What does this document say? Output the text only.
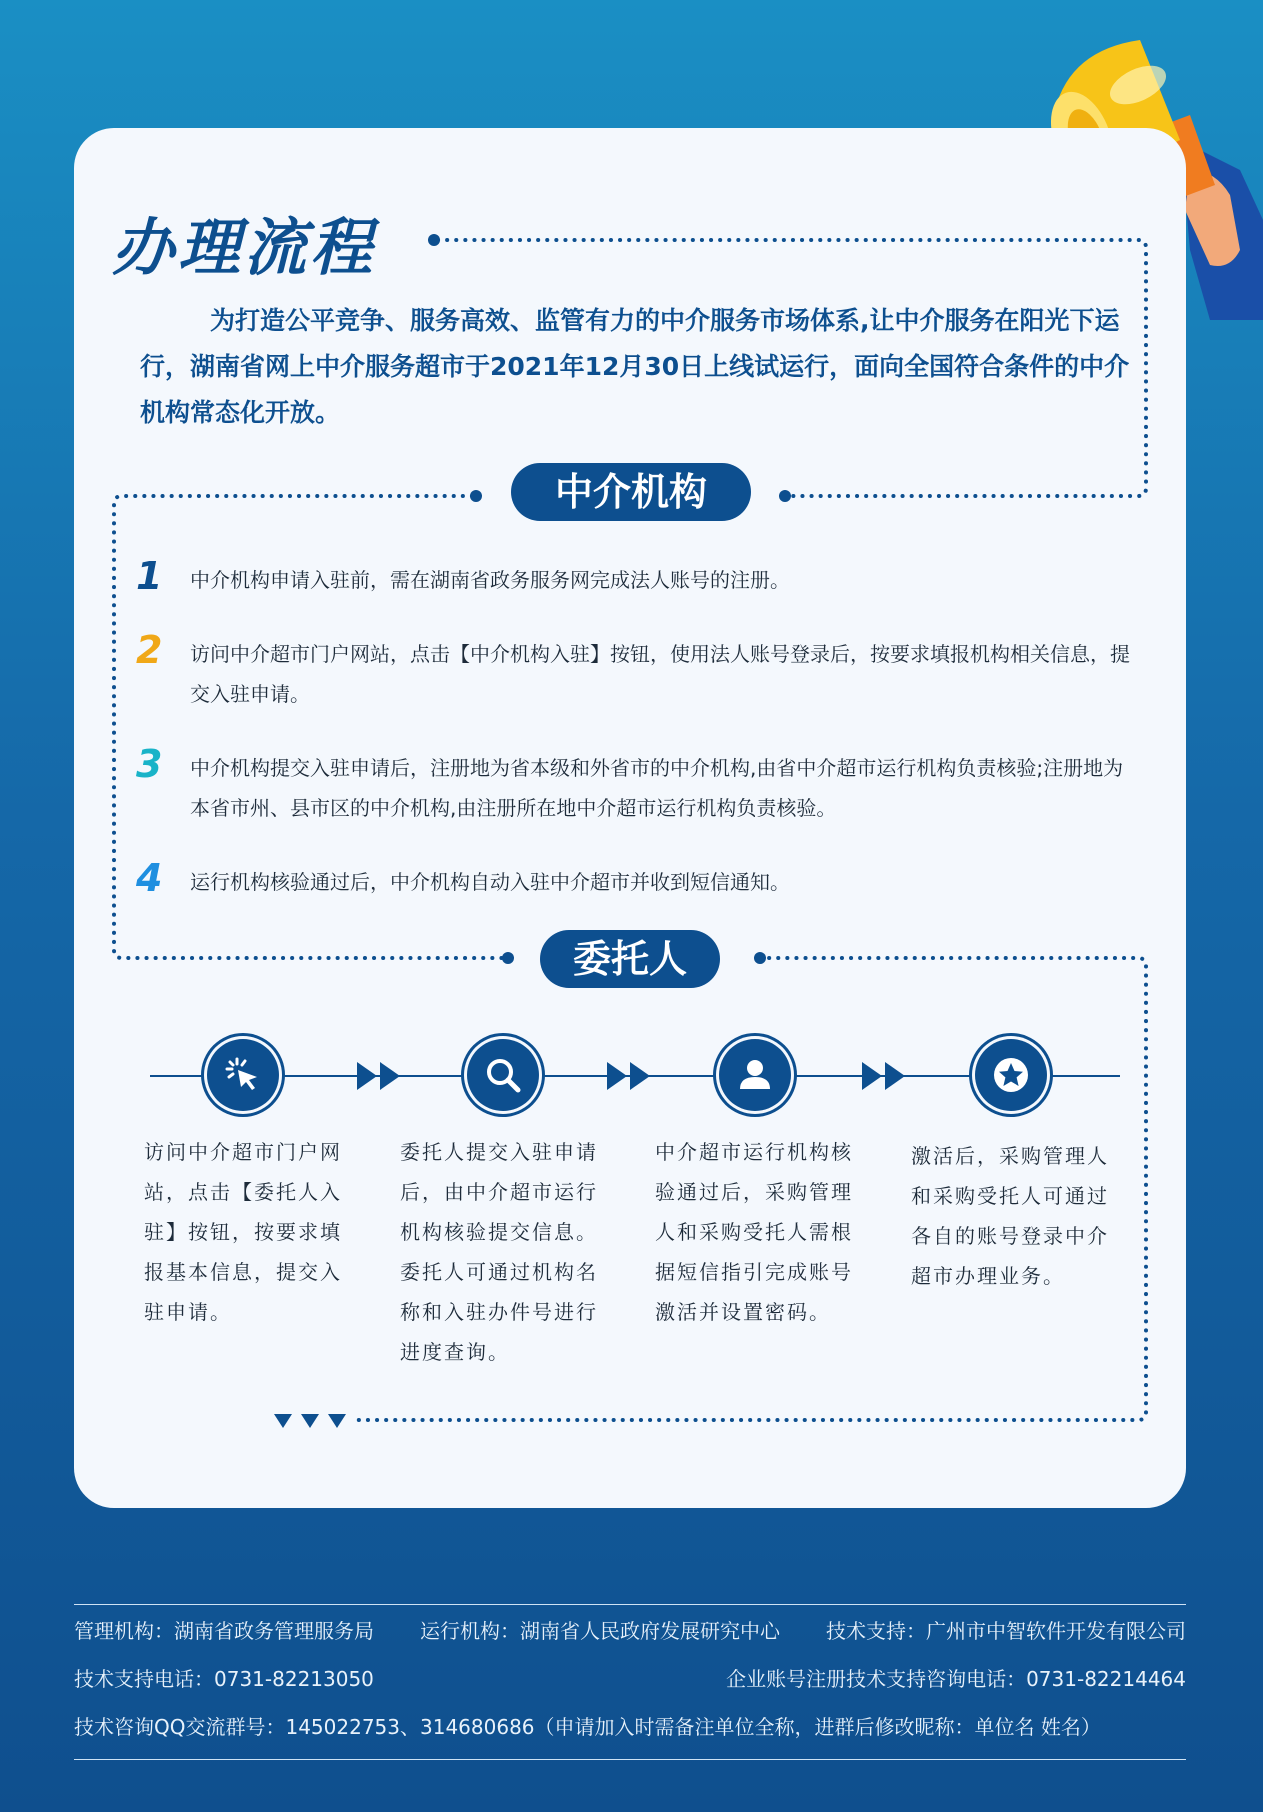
办理流程

为打造公平竞争、服务高效、监管有力的中介服务市场体系,让中介服务在阳光下运行，湖南省网上中介服务超市于2021年12月30日上线试运行，面向全国符合条件的中介机构常态化开放。

中介机构
1 中介机构申请入驻前，需在湖南省政务服务网完成法人账号的注册。
2 访问中介超市门户网站，点击【中介机构入驻】按钮，使用法人账号登录后，按要求填报机构相关信息，提交入驻申请。
3 中介机构提交入驻申请后，注册地为省本级和外省市的中介机构,由省中介超市运行机构负责核验;注册地为本省市州、县市区的中介机构,由注册所在地中介超市运行机构负责核验。
4 运行机构核验通过后，中介机构自动入驻中介超市并收到短信通知。
委托人
访问中介超市门户网站，点击【委托人入驻】按钮，按要求填报基本信息，提交入驻申请。
委托人提交入驻申请后，由中介超市运行机构核验提交信息。委托人可通过机构名称和入驻办件号进行进度查询。
中介超市运行机构核验通过后，采购管理人和采购受托人需根据短信指引完成账号激活并设置密码。
激活后，采购管理人和采购受托人可通过各自的账号登录中介超市办理业务。
管理机构：湖南省政务管理服务局 运行机构：湖南省人民政府发展研究中心 技术支持：广州市中智软件开发有限公司
技术支持电话：0731-82213050	企业账号注册技术支持咨询电话：0731-82214464
技术咨询QQ交流群号：145022753、314680686（申请加入时需备注单位全称，进群后修改昵称：单位名 姓名）
